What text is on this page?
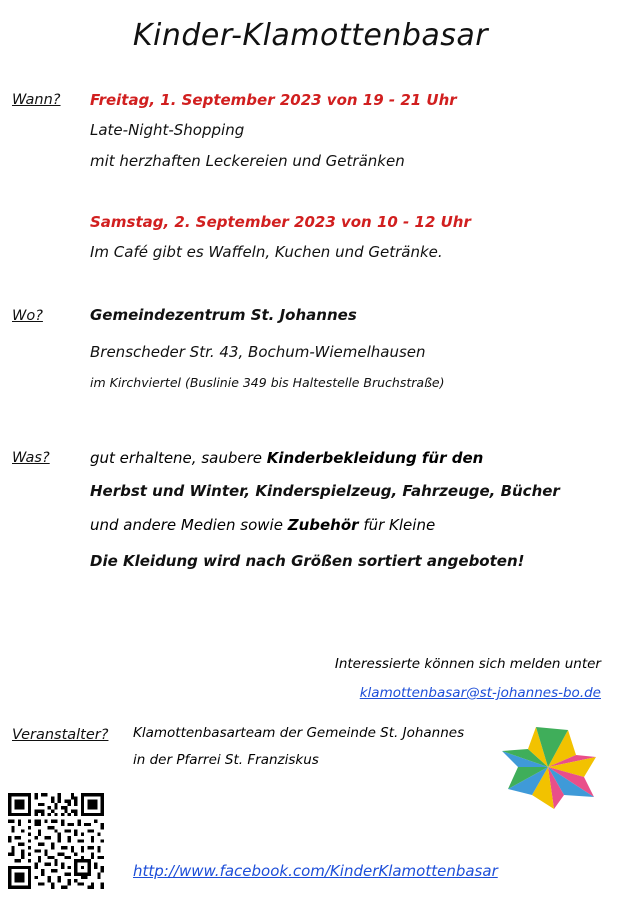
Kinder-Klamottenbasar
Wann? Freitag, 1. September 2023 von 19 - 21 Uhr
Late-Night-Shopping
mit herzhaften Leckereien und Getränken
Samstag, 2. September 2023 von 10 - 12 Uhr
Im Café gibt es Waffeln, Kuchen und Getränke.
Wo?	Gemeindezentrum St. Johannes
Brenscheder Str. 43, Bochum-Wiemelhausen
im Kirchviertel (Buslinie 349 bis Haltestelle Bruchstraße)
Was?	gut erhaltene, saubere Kinderbekleidung für den
Herbst und Winter, Kinderspielzeug, Fahrzeuge, Bücher
und andere Medien sowie Zubehör für Kleine
Die Kleidung wird nach Größen sortiert angeboten!
Interessierte können sich melden unter
klamottenbasar@st-johannes-bo.de
Veranstalter? Klamottenbasarteam der Gemeinde St. Johannes
in der Pfarrei St. Franziskus
http://www.facebook.com/KinderKlamottenbasar
